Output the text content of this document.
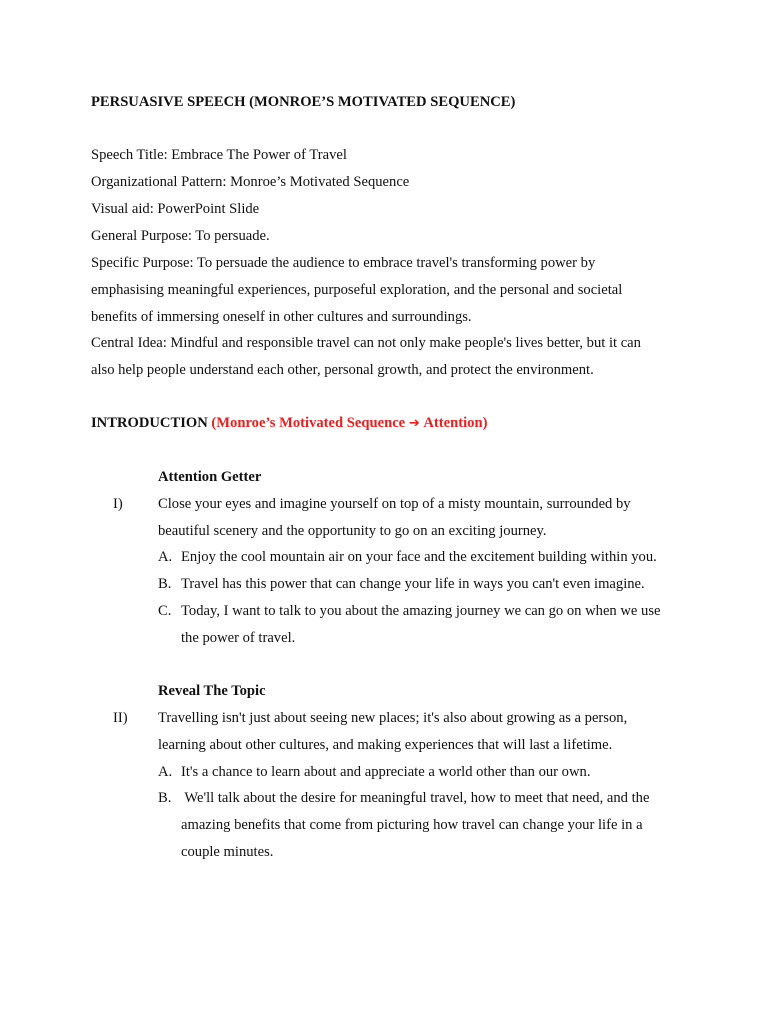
PERSUASIVE SPEECH (MONROE’S MOTIVATED SEQUENCE)
Speech Title: Embrace The Power of Travel
Organizational Pattern: Monroe’s Motivated Sequence
Visual aid: PowerPoint Slide
General Purpose: To persuade.
Specific Purpose: To persuade the audience to embrace travel's transforming power by
emphasising meaningful experiences, purposeful exploration, and the personal and societal
benefits of immersing oneself in other cultures and surroundings.
Central Idea: Mindful and responsible travel can not only make people's lives better, but it can
also help people understand each other, personal growth, and protect the environment.
INTRODUCTION (Monroe’s Motivated Sequence ➔ Attention)
Attention Getter
I) Close your eyes and imagine yourself on top of a misty mountain, surrounded by
beautiful scenery and the opportunity to go on an exciting journey.
A. Enjoy the cool mountain air on your face and the excitement building within you.
B. Travel has this power that can change your life in ways you can't even imagine.
C. Today, I want to talk to you about the amazing journey we can go on when we use
the power of travel.
Reveal The Topic
II) Travelling isn't just about seeing new places; it's also about growing as a person,
learning about other cultures, and making experiences that will last a lifetime.
A. It's a chance to learn about and appreciate a world other than our own.
B. We'll talk about the desire for meaningful travel, how to meet that need, and the
amazing benefits that come from picturing how travel can change your life in a
couple minutes.
